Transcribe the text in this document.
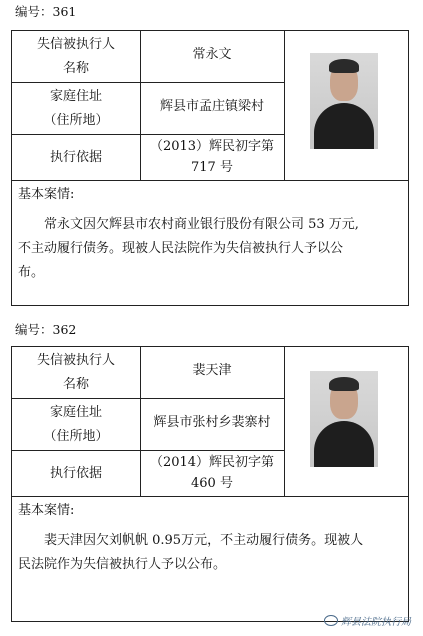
编号：361
失信被执行人
名称
常永文
家庭住址
（住所地）
辉县市孟庄镇梁村
执行依据
（2013）辉民初字第
717 号
基本案情:
常永文因欠辉县市农村商业银行股份有限公司 53 万元,
不主动履行债务。现被人民法院作为失信被执行人予以公
布。
编号：362
失信被执行人
名称
裴天津
家庭住址
（住所地）
辉县市张村乡裴寨村
执行依据
（2014）辉民初字第
460 号
基本案情:
裴天津因欠刘帆帆 0.95万元，不主动履行债务。现被人
民法院作为失信被执行人予以公布。
辉县法院执行局
